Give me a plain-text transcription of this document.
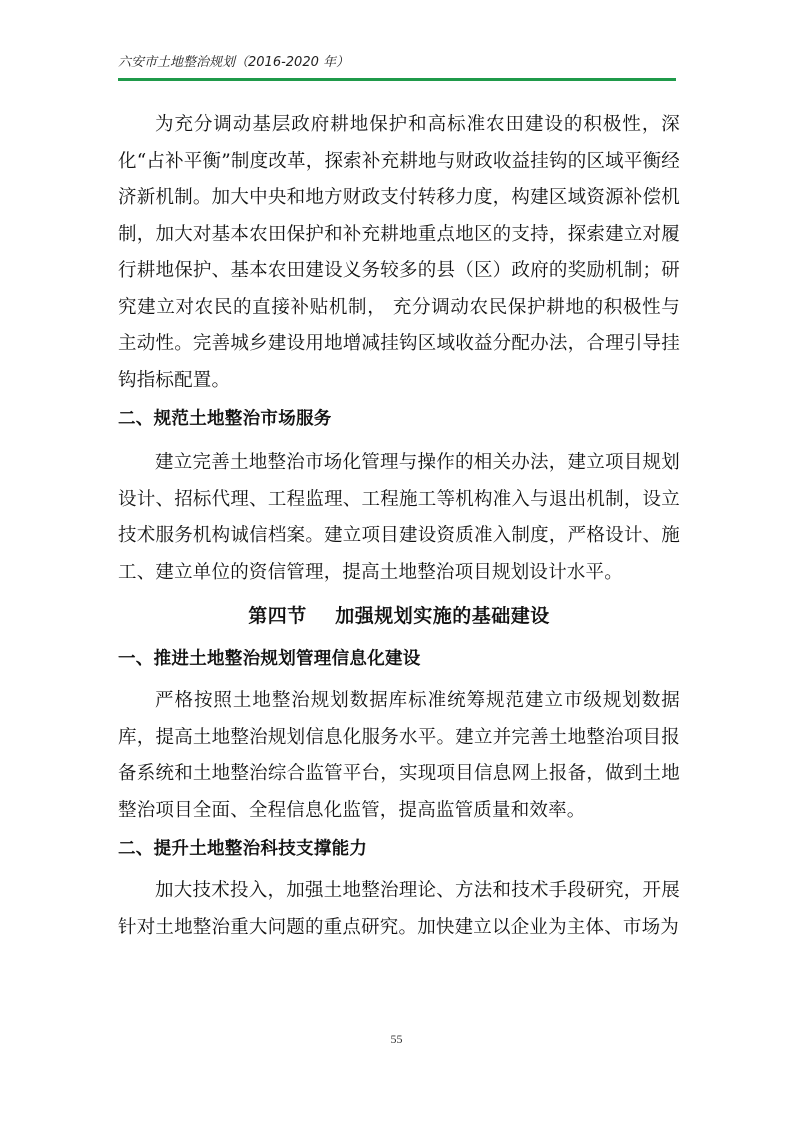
六安市土地整治规划（2016-2020 年）

为充分调动基层政府耕地保护和高标准农田建设的积极性，深化“占补平衡”制度改革，探索补充耕地与财政收益挂钩的区域平衡经济新机制。加大中央和地方财政支付转移力度，构建区域资源补偿机制，加大对基本农田保护和补充耕地重点地区的支持，探索建立对履行耕地保护、基本农田建设义务较多的县（区）政府的奖励机制；研究建立对农民的直接补贴机制， 充分调动农民保护耕地的积极性与主动性。完善城乡建设用地增减挂钩区域收益分配办法，合理引导挂钩指标配置。

二、规范土地整治市场服务

建立完善土地整治市场化管理与操作的相关办法，建立项目规划设计、招标代理、工程监理、工程施工等机构准入与退出机制，设立技术服务机构诚信档案。建立项目建设资质准入制度，严格设计、施工、建立单位的资信管理，提高土地整治项目规划设计水平。

第四节    加强规划实施的基础建设

一、推进土地整治规划管理信息化建设

严格按照土地整治规划数据库标准统筹规范建立市级规划数据库，提高土地整治规划信息化服务水平。建立并完善土地整治项目报备系统和土地整治综合监管平台，实现项目信息网上报备，做到土地整治项目全面、全程信息化监管，提高监管质量和效率。

二、提升土地整治科技支撑能力

加大技术投入，加强土地整治理论、方法和技术手段研究，开展针对土地整治重大问题的重点研究。加快建立以企业为主体、市场为

55
